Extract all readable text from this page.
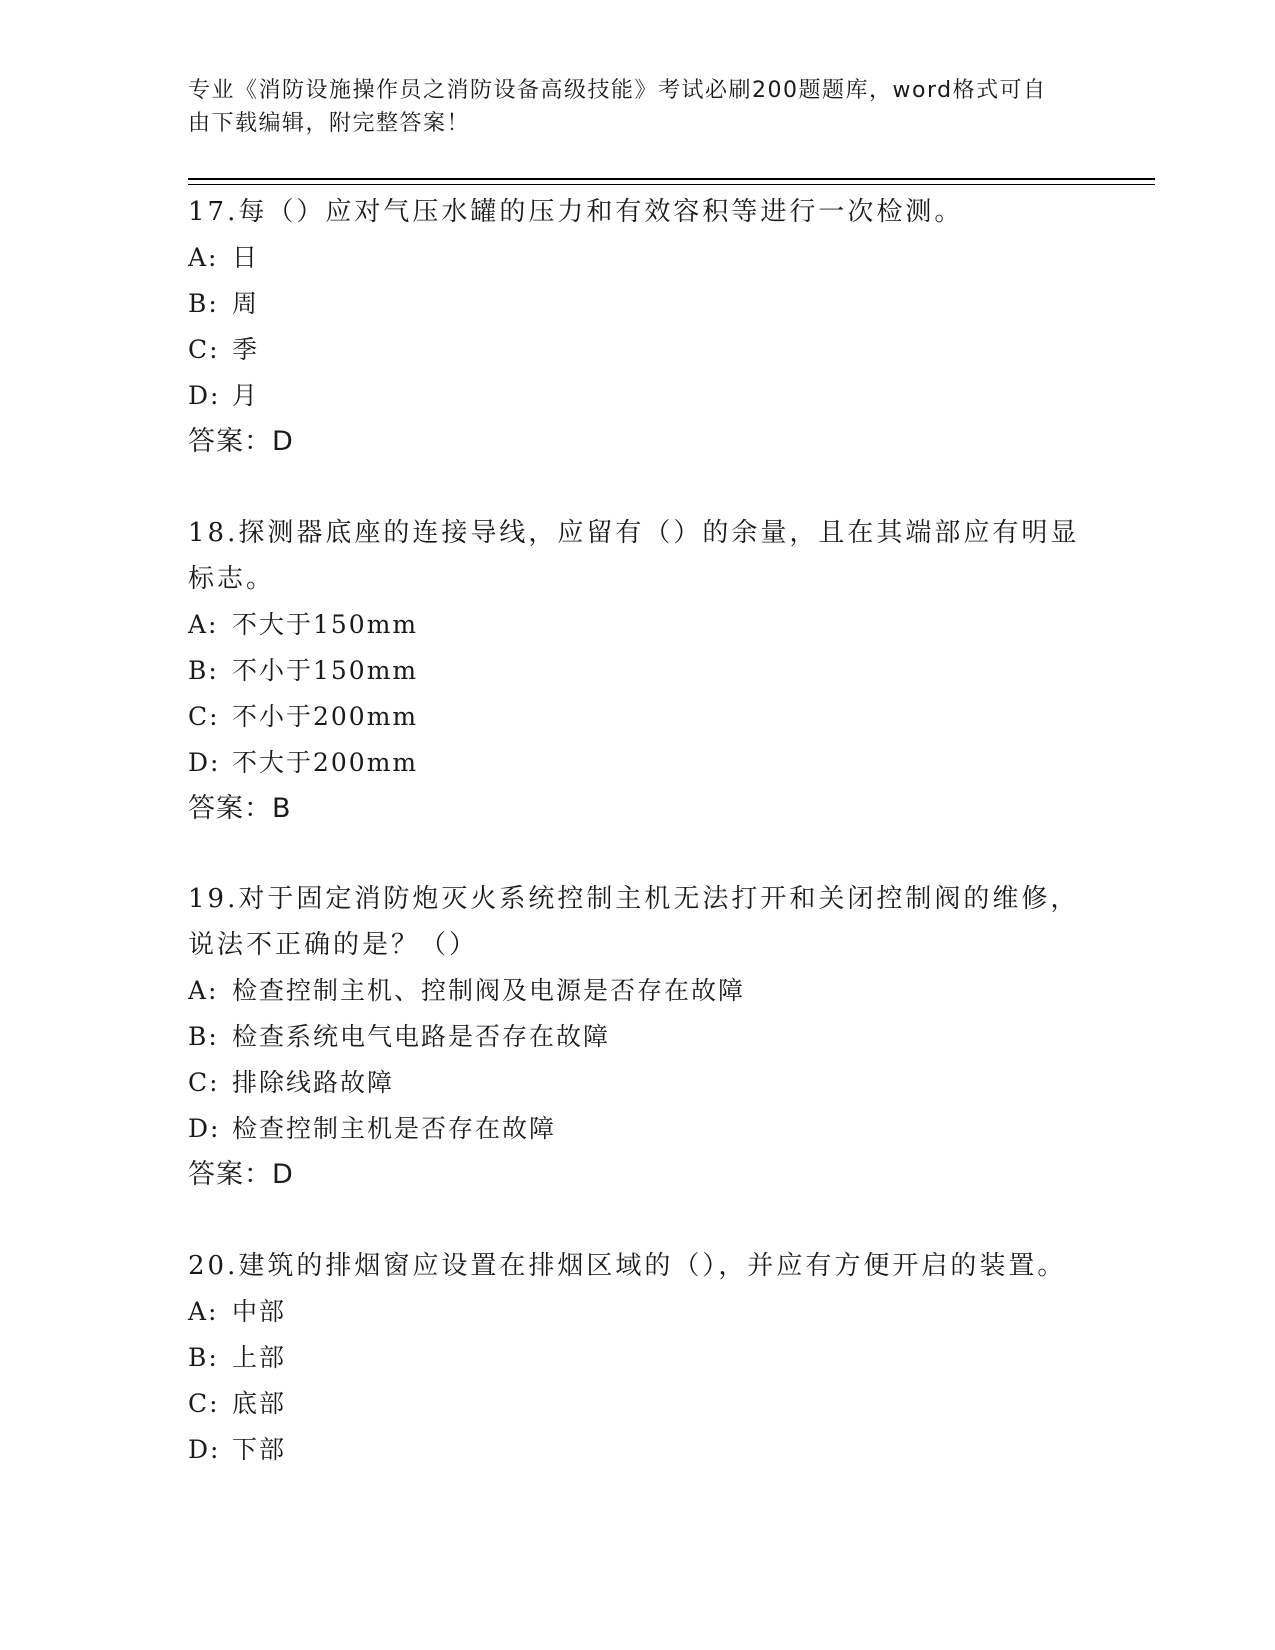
专业《消防设施操作员之消防设备高级技能》考试必刷200题题库，word格式可自由下载编辑，附完整答案！
17.每（）应对气压水罐的压力和有效容积等进行一次检测。
A: 日
B: 周
C: 季
D: 月
答案：D
18.探测器底座的连接导线，应留有（）的余量，且在其端部应有明显标志。
A: 不大于150mm
B: 不小于150mm
C: 不小于200mm
D: 不大于200mm
答案：B
19.对于固定消防炮灭火系统控制主机无法打开和关闭控制阀的维修，说法不正确的是？（）
A: 检查控制主机、控制阀及电源是否存在故障
B: 检查系统电气电路是否存在故障
C: 排除线路故障
D: 检查控制主机是否存在故障
答案：D
20.建筑的排烟窗应设置在排烟区域的（），并应有方便开启的装置。
A: 中部
B: 上部
C: 底部
D: 下部
